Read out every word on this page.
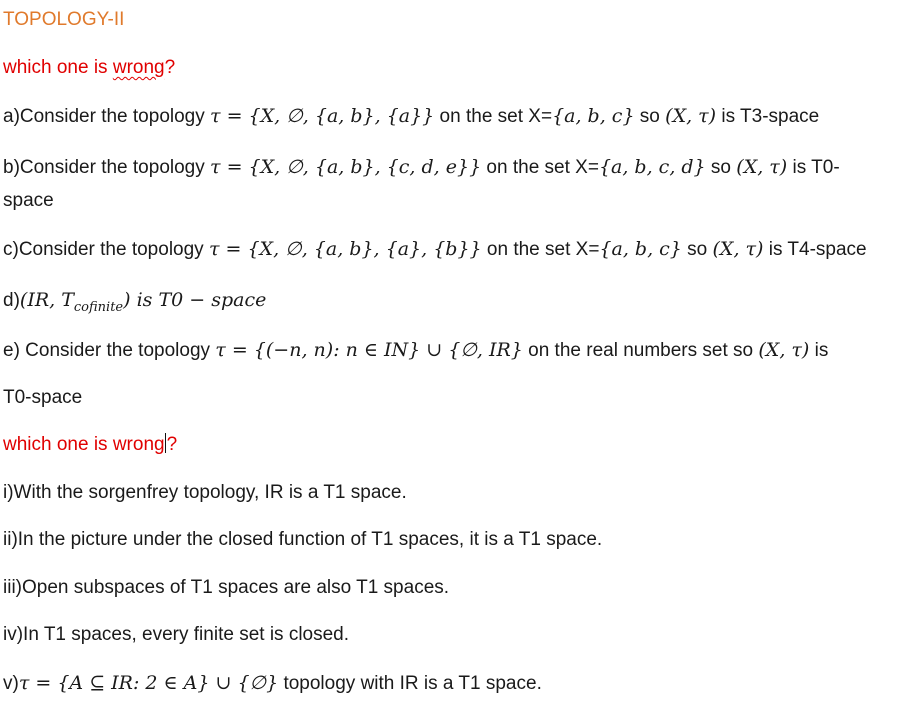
TOPOLOGY-II
which one is wrong?
a)Consider the topology τ = {X, ∅, {a, b}, {a}} on the set X={a, b, c} so (X, τ) is T3-space
b)Consider the topology τ = {X, ∅, {a, b}, {c, d, e}} on the set X={a, b, c, d} so (X, τ) is T0-
space
c)Consider the topology τ = {X, ∅, {a, b}, {a}, {b}} on the set X={a, b, c} so (X, τ) is T4-space
d)(IR, $T_{cofinite}$) is T0 − space
e) Consider the topology τ = {(−n, n): n ∈ IN} ∪ {∅, IR} on the real numbers set so (X, τ) is
T0-space
which one is wrong ?
i)With the sorgenfrey topology, IR is a T1 space.
ii)In the picture under the closed function of T1 spaces, it is a T1 space.
iii)Open subspaces of T1 spaces are also T1 spaces.
iv)In T1 spaces, every finite set is closed.
v)τ = {A ⊆ IR: 2 ∈ A} ∪ {∅} topology with IR is a T1 space.
